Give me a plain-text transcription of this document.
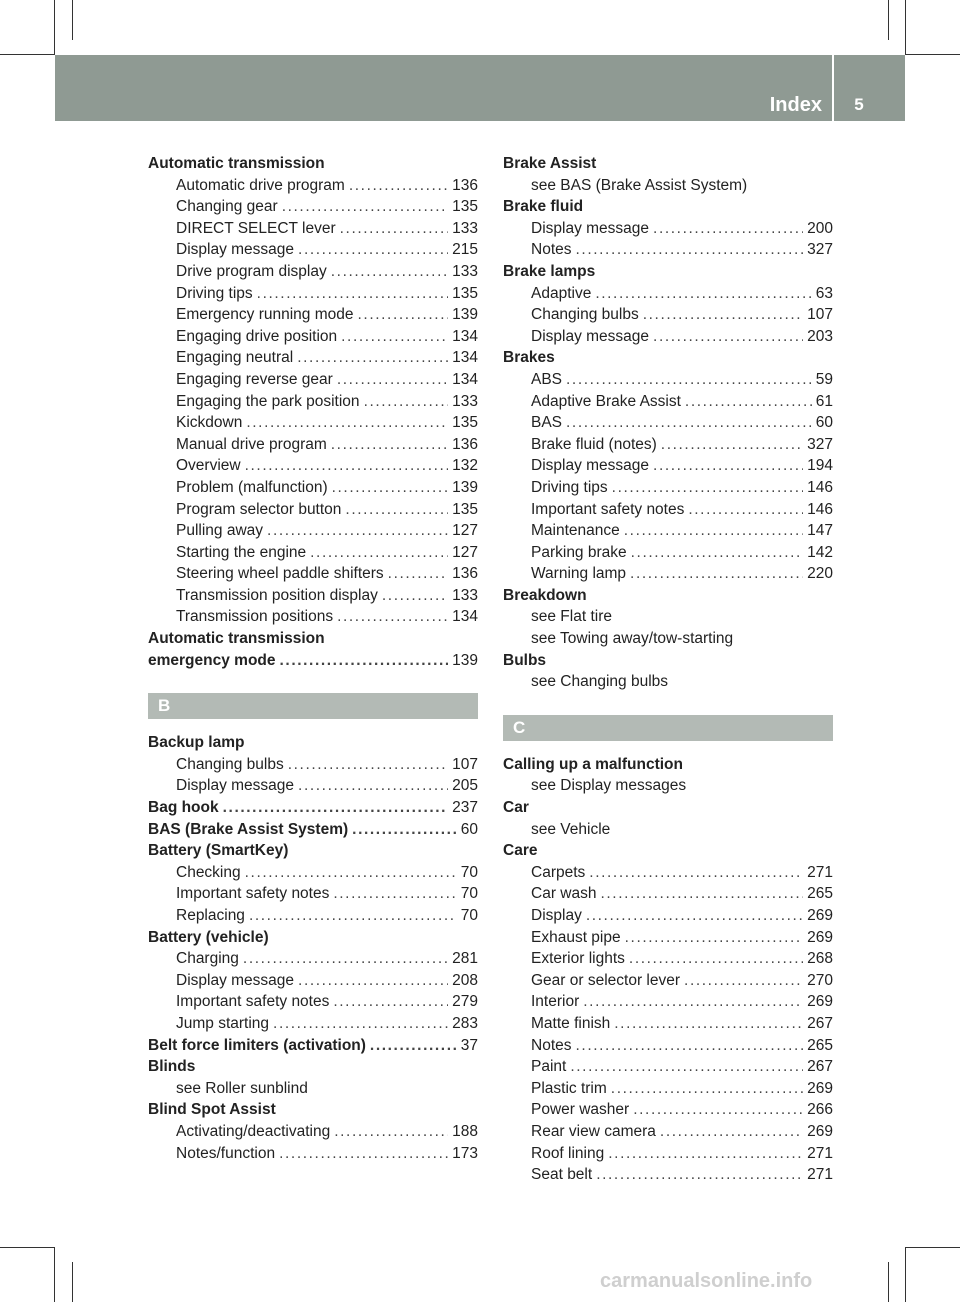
Index	5
Automatic transmission
Automatic drive program .....	136
Changing gear .....	135
DIRECT SELECT lever .....	133
Display message .....	215
Drive program display .....	133
Driving tips .....	135
Emergency running mode .....	139
Engaging drive position .....	134
Engaging neutral .....	134
Engaging reverse gear .....	134
Engaging the park position .....	133
Kickdown .....	135
Manual drive program .....	136
Overview .....	132
Problem (malfunction) .....	139
Program selector button .....	135
Pulling away .....	127
Starting the engine .....	127
Steering wheel paddle shifters .....	136
Transmission position display .....	133
Transmission positions .....	134
Automatic transmission
emergency mode .....	139
B
Backup lamp
Changing bulbs .....	107
Display message .....	205
Bag hook .....	237
BAS (Brake Assist System) .....	60
Battery (SmartKey)
Checking .....	70
Important safety notes .....	70
Replacing .....	70
Battery (vehicle)
Charging .....	281
Display message .....	208
Important safety notes .....	279
Jump starting .....	283
Belt force limiters (activation) .....	37
Blinds
see Roller sunblind
Blind Spot Assist
Activating/deactivating .....	188
Notes/function .....	173
Brake Assist
see BAS (Brake Assist System)
Brake fluid
Display message .....	200
Notes .....	327
Brake lamps
Adaptive .....	63
Changing bulbs .....	107
Display message .....	203
Brakes
ABS .....	59
Adaptive Brake Assist .....	61
BAS .....	60
Brake fluid (notes) .....	327
Display message .....	194
Driving tips .....	146
Important safety notes .....	146
Maintenance .....	147
Parking brake .....	142
Warning lamp .....	220
Breakdown
see Flat tire
see Towing away/tow-starting
Bulbs
see Changing bulbs
C
Calling up a malfunction
see Display messages
Car
see Vehicle
Care
Carpets .....	271
Car wash .....	265
Display .....	269
Exhaust pipe .....	269
Exterior lights .....	268
Gear or selector lever .....	270
Interior .....	269
Matte finish .....	267
Notes .....	265
Paint .....	267
Plastic trim .....	269
Power washer .....	266
Rear view camera .....	269
Roof lining .....	271
Seat belt .....	271
carmanualsonline.info
